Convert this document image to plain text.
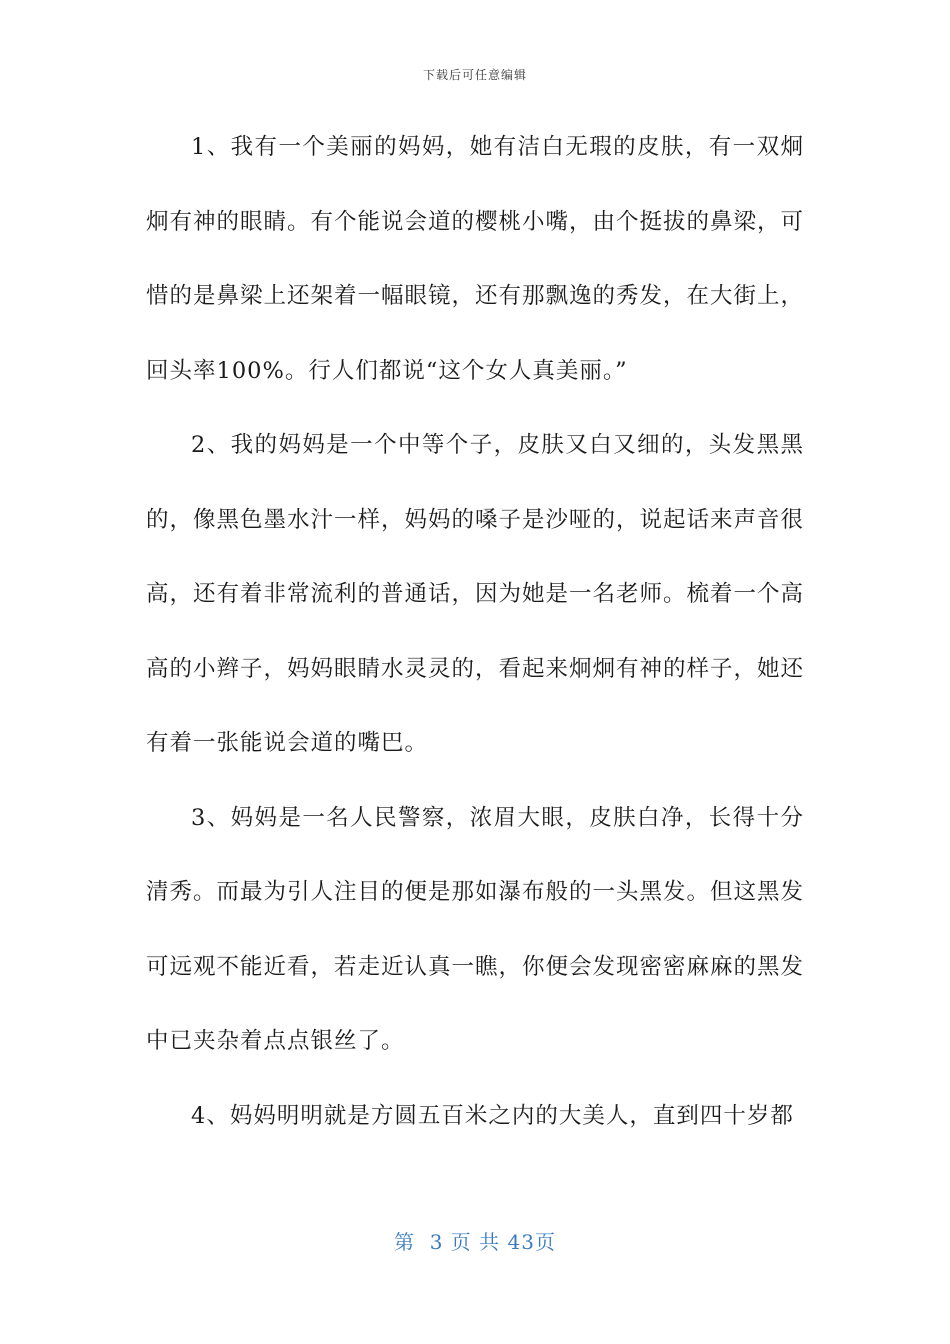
下载后可任意编辑

1、我有一个美丽的妈妈，她有洁白无瑕的皮肤，有一双炯炯有神的眼睛。有个能说会道的樱桃小嘴，由个挺拔的鼻梁，可惜的是鼻梁上还架着一幅眼镜，还有那飘逸的秀发，在大街上，回头率100%。行人们都说“这个女人真美丽。”

2、我的妈妈是一个中等个子，皮肤又白又细的，头发黑黑的，像黑色墨水汁一样，妈妈的嗓子是沙哑的，说起话来声音很高，还有着非常流利的普通话，因为她是一名老师。梳着一个高高的小辫子，妈妈眼睛水灵灵的，看起来炯炯有神的样子，她还有着一张能说会道的嘴巴。

3、妈妈是一名人民警察，浓眉大眼，皮肤白净，长得十分清秀。而最为引人注目的便是那如瀑布般的一头黑发。但这黑发可远观不能近看，若走近认真一瞧，你便会发现密密麻麻的黑发中已夹杂着点点银丝了。

4、妈妈明明就是方圆五百米之内的大美人，直到四十岁都

第  3 页 共 43页
